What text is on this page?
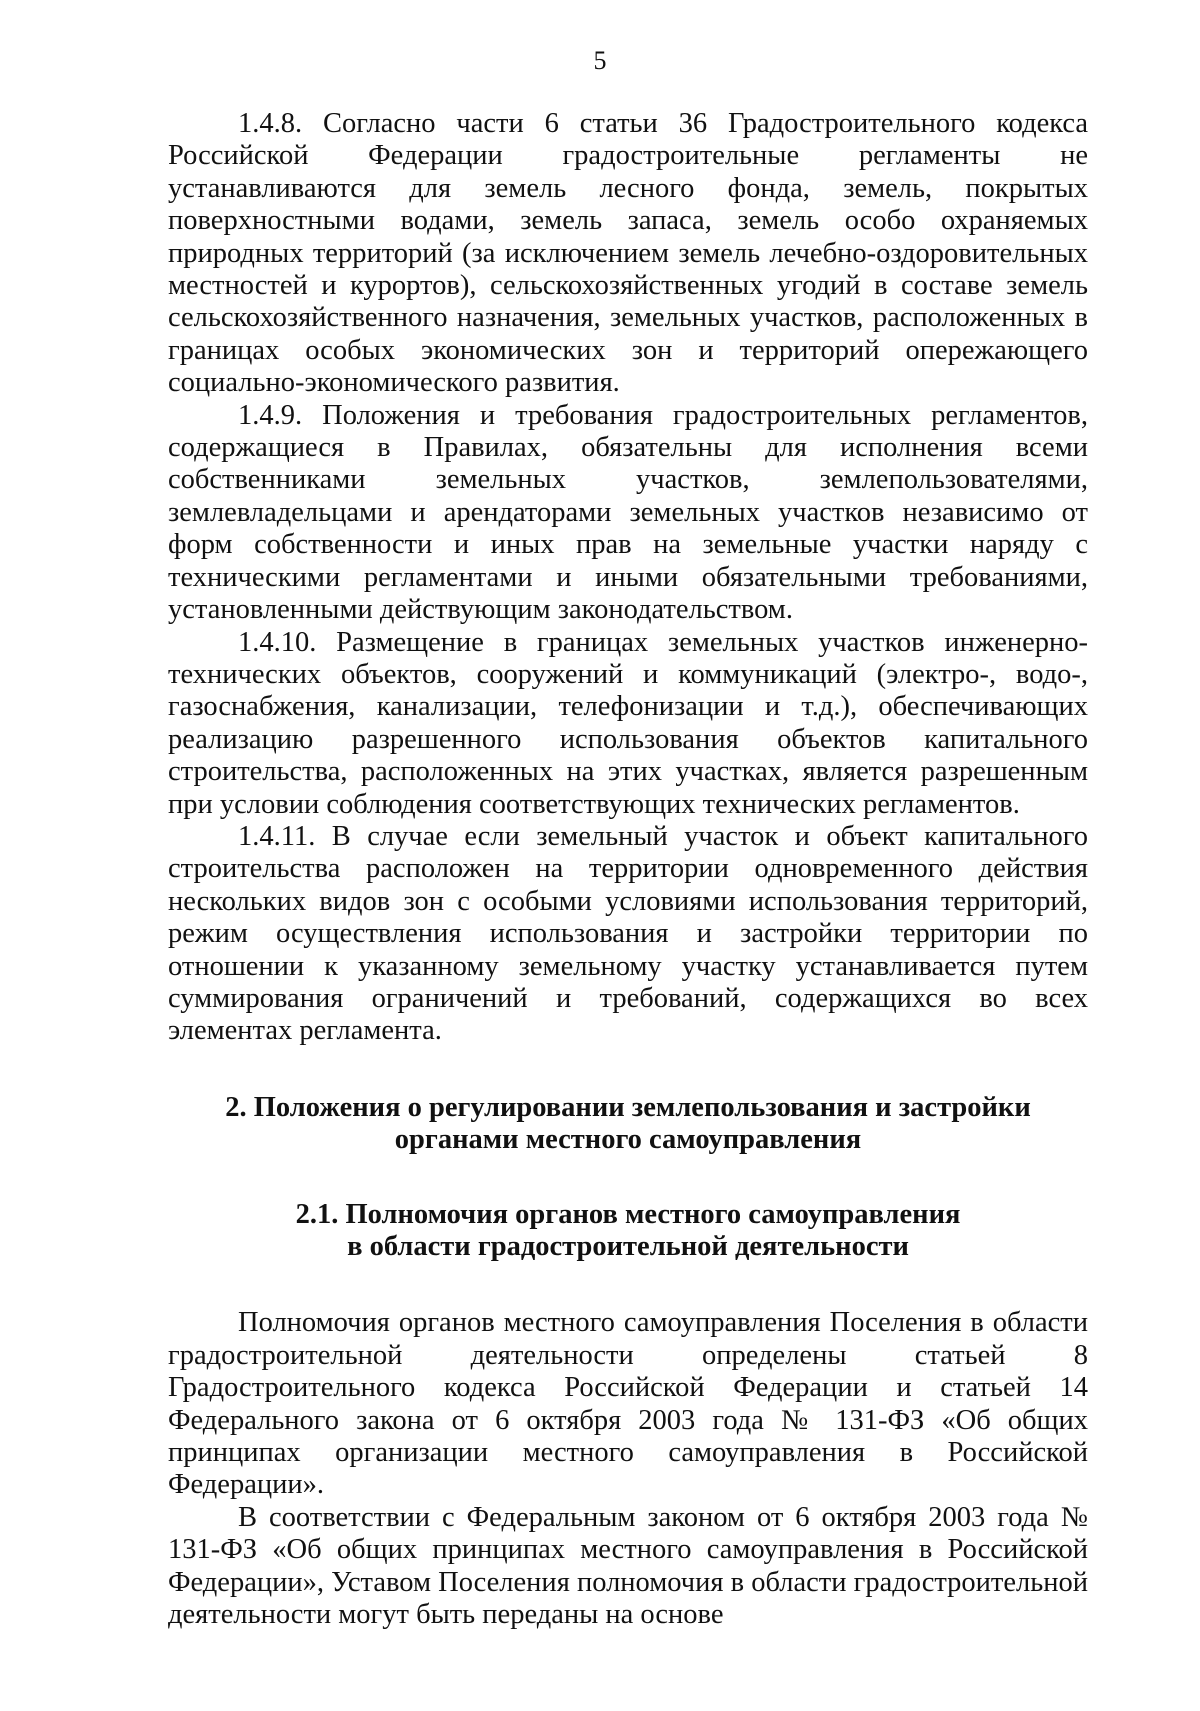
5

1.4.8. Согласно части 6 статьи 36 Градостроительного кодекса Российской Федерации градостроительные регламенты не устанавливаются для земель лесного фонда, земель, покрытых поверхностными водами, земель запаса, земель особо охраняемых природных территорий (за исключением земель лечебно-оздоровительных местностей и курортов), сельскохозяйственных угодий в составе земель сельскохозяйственного назначения, земельных участков, расположенных в границах особых экономических зон и территорий опережающего социально-экономического развития.

1.4.9. Положения и требования градостроительных регламентов, содержащиеся в Правилах, обязательны для исполнения всеми собственниками земельных участков, землепользователями, землевладельцами и арендаторами земельных участков независимо от форм собственности и иных прав на земельные участки наряду с техническими регламентами и иными обязательными требованиями, установленными действующим законодательством.

1.4.10. Размещение в границах земельных участков инженерно-технических объектов, сооружений и коммуникаций (электро-, водо-, газоснабжения, канализации, телефонизации и т.д.), обеспечивающих реализацию разрешенного использования объектов капитального строительства, расположенных на этих участках, является разрешенным при условии соблюдения соответствующих технических регламентов.

1.4.11. В случае если земельный участок и объект капитального строительства расположен на территории одновременного действия нескольких видов зон с особыми условиями использования территорий, режим осуществления использования и застройки территории по отношении к указанному земельному участку устанавливается путем суммирования ограничений и требований, содержащихся во всех элементах регламента.

2. Положения о регулировании землепользования и застройки
органами местного самоуправления
2.1. Полномочия органов местного самоуправления
в области градостроительной деятельности

Полномочия органов местного самоуправления Поселения в области градостроительной деятельности определены статьей 8 Градостроительного кодекса Российской Федерации и статьей 14 Федерального закона от 6 октября 2003 года № 131-ФЗ «Об общих принципах организации местного самоуправления в Российской Федерации».

В соответствии с Федеральным законом от 6 октября 2003 года № 131-ФЗ «Об общих принципах местного самоуправления в Российской Федерации», Уставом Поселения полномочия в области градостроительной деятельности могут быть переданы на основе
